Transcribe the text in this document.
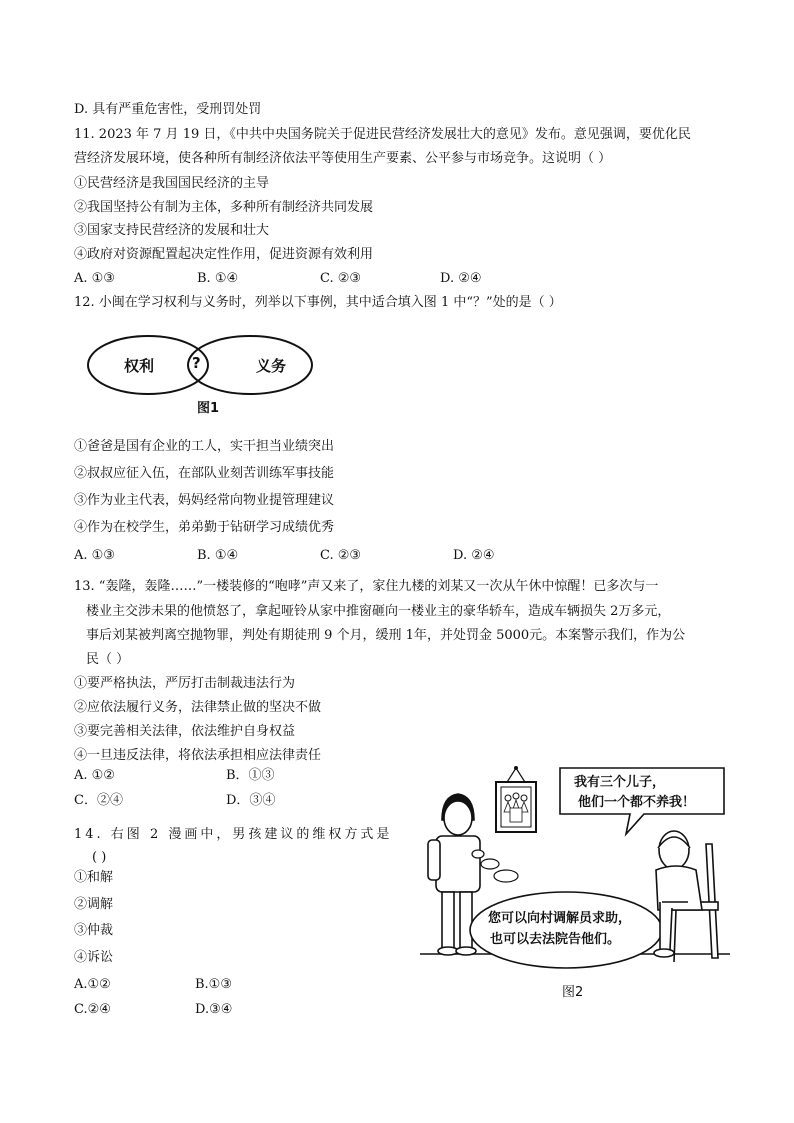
D. 具有严重危害性，受刑罚处罚
11. 2023 年 7 月 19 日，《中共中央国务院关于促进民营经济发展壮大的意见》发布。意见强调，要优化民
营经济发展环境，使各种所有制经济依法平等使用生产要素、公平参与市场竞争。这说明（ ）
①民营经济是我国国民经济的主导
②我国坚持公有制为主体，多种所有制经济共同发展
③国家支持民营经济的发展和壮大
④政府对资源配置起决定性作用，促进资源有效利用
A. ①③	B. ①④	C. ②③	D. ②④
12. 小闽在学习权利与义务时，列举以下事例，其中适合填入图 1 中“？”处的是（ ）
权利	?	义务
图1
①爸爸是国有企业的工人，实干担当业绩突出
②叔叔应征入伍，在部队业刻苦训练军事技能
③作为业主代表，妈妈经常向物业提管理建议
④作为在校学生，弟弟勤于钻研学习成绩优秀
A. ①③	B. ①④	C. ②③	D. ②④
13. “轰隆，轰隆……”一楼装修的“咆哮”声又来了，家住九楼的刘某又一次从午休中惊醒！已多次与一
楼业主交涉未果的他愤怒了，拿起哑铃从家中推窗砸向一楼业主的豪华轿车，造成车辆损失 2万多元，
事后刘某被判离空抛物罪，判处有期徒刑 9 个月，缓刑 1年，并处罚金 5000元。本案警示我们，作为公
民（ ）
①要严格执法，严厉打击制裁违法行为
②应依法履行义务，法律禁止做的坚决不做
③要完善相关法律，依法维护自身权益
④一旦违反法律，将依法承担相应法律责任
A. ①②	B．①③
C．②④	D．③④
14. 右图 2 漫画中，男孩建议的维权方式是
( )
①和解
②调解
③仲裁
④诉讼
A.①②	B.①③
C.②④	D.③④
我有三个儿子，
他们一个都不养我！
您可以向村调解员求助，
也可以去法院告他们。
图2
